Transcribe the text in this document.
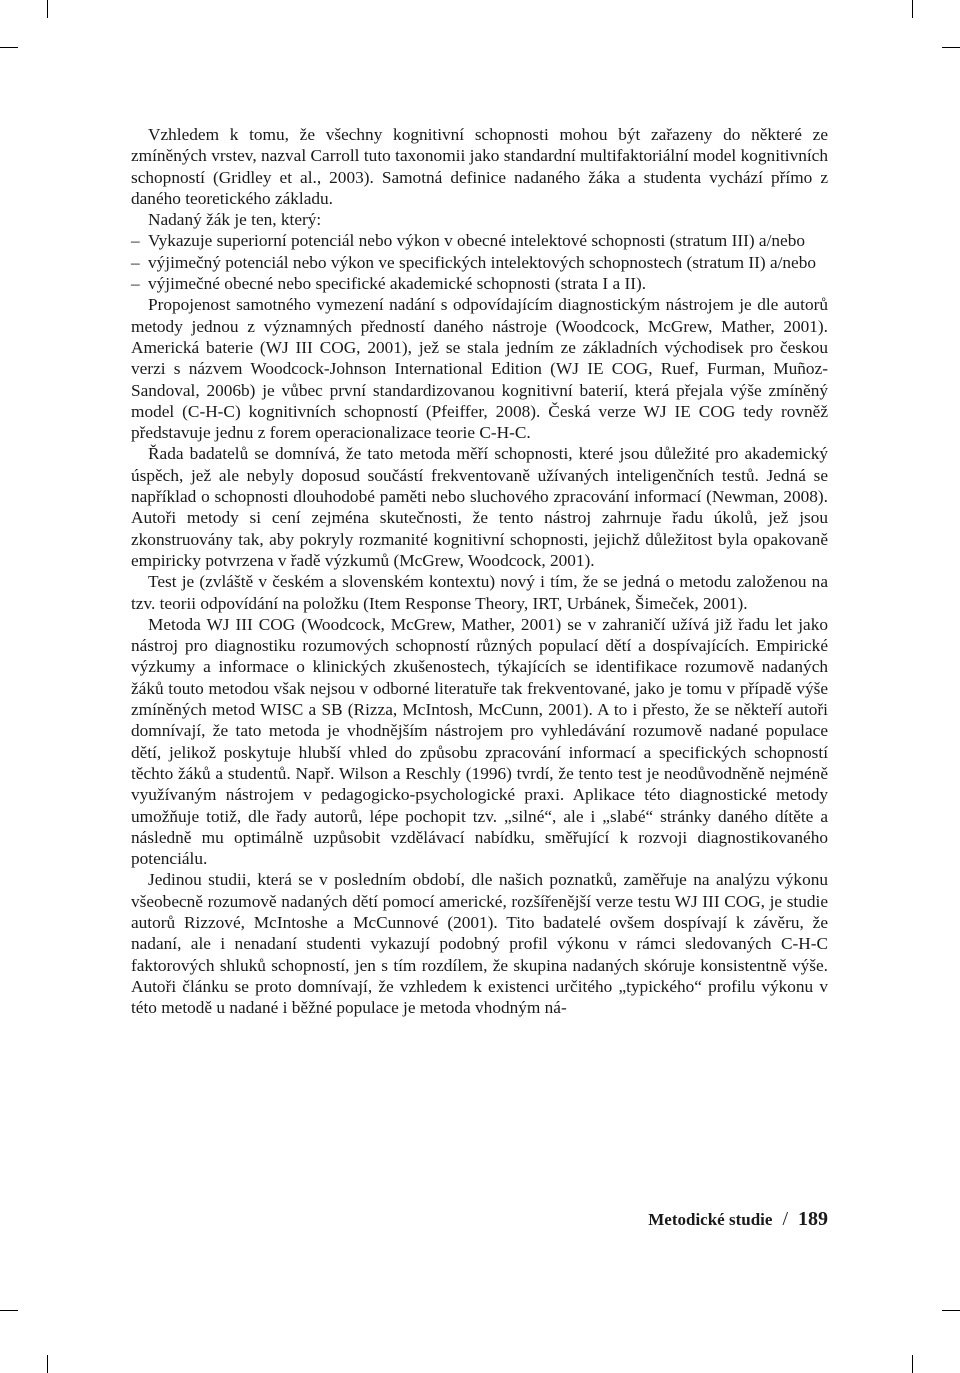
Vzhledem k tomu, že všechny kognitivní schopnosti mohou být zařazeny do některé ze zmíněných vrstev, nazval Carroll tuto taxonomii jako standardní multifaktoriální model kognitivních schopností (Gridley et al., 2003). Samotná definice nadaného žáka a studenta vychází přímo z daného teoretického základu.

Nadaný žák je ten, který:

– Vykazuje superiorní potenciál nebo výkon v obecné intelektové schopnosti (stratum III) a/nebo
– výjimečný potenciál nebo výkon ve specifických intelektových schopnostech (stratum II) a/nebo
– výjimečné obecné nebo specifické akademické schopnosti (strata I a II).

Propojenost samotného vymezení nadání s odpovídajícím diagnostickým nástrojem je dle autorů metody jednou z významných předností daného nástroje (Woodcock, McGrew, Mather, 2001). Americká baterie (WJ III COG, 2001), jež se stala jedním ze základních východisek pro českou verzi s názvem Woodcock-Johnson International Edition (WJ IE COG, Ruef, Furman, Muñoz-Sandoval, 2006b) je vůbec první standardizovanou kognitivní baterií, která přejala výše zmíněný model (C-H-C) kognitivních schopností (Pfeiffer, 2008). Česká verze WJ IE COG tedy rovněž představuje jednu z forem operacionalizace teorie C-H-C.

Řada badatelů se domnívá, že tato metoda měří schopnosti, které jsou důležité pro akademický úspěch, jež ale nebyly doposud součástí frekventovaně užívaných inteligenčních testů. Jedná se například o schopnosti dlouhodobé paměti nebo sluchového zpracování informací (Newman, 2008). Autoři metody si cení zejména skutečnosti, že tento nástroj zahrnuje řadu úkolů, jež jsou zkonstruovány tak, aby pokryly rozmanité kognitivní schopnosti, jejichž důležitost byla opakovaně empiricky potvrzena v řadě výzkumů (McGrew, Woodcock, 2001).

Test je (zvláště v českém a slovenském kontextu) nový i tím, že se jedná o metodu založenou na tzv. teorii odpovídání na položku (Item Response Theory, IRT, Urbánek, Šimeček, 2001).

Metoda WJ III COG (Woodcock, McGrew, Mather, 2001) se v zahraničí užívá již řadu let jako nástroj pro diagnostiku rozumových schopností různých populací dětí a dospívajících. Empirické výzkumy a informace o klinických zkušenostech, týkajících se identifikace rozumově nadaných žáků touto metodou však nejsou v odborné literatuře tak frekventované, jako je tomu v případě výše zmíněných metod WISC a SB (Rizza, McIntosh, McCunn, 2001). A to i přesto, že se někteří autoři domnívají, že tato metoda je vhodnějším nástrojem pro vyhledávání rozumově nadané populace dětí, jelikož poskytuje hlubší vhled do způsobu zpracování informací a specifických schopností těchto žáků a studentů. Např. Wilson a Reschly (1996) tvrdí, že tento test je neodůvodněně nejméně využívaným nástrojem v pedagogicko-psychologické praxi. Aplikace této diagnostické metody umožňuje totiž, dle řady autorů, lépe pochopit tzv. „silné“, ale i „slabé“ stránky daného dítěte a následně mu optimálně uzpůsobit vzdělávací nabídku, směřující k rozvoji diagnostikovaného potenciálu.

Jedinou studii, která se v posledním období, dle našich poznatků, zaměřuje na analýzu výkonu všeobecně rozumově nadaných dětí pomocí americké, rozšířenější verze testu WJ III COG, je studie autorů Rizzové, McIntoshe a McCunnové (2001). Tito badatelé ovšem dospívají k závěru, že nadaní, ale i nenadaní studenti vykazují podobný profil výkonu v rámci sledovaných C-H-C faktorových shluků schopností, jen s tím rozdílem, že skupina nadaných skóruje konsistentně výše. Autoři článku se proto domnívají, že vzhledem k existenci určitého „typického“ profilu výkonu v této metodě u nadané i běžné populace je metoda vhodným ná-

Metodické studie / 189
